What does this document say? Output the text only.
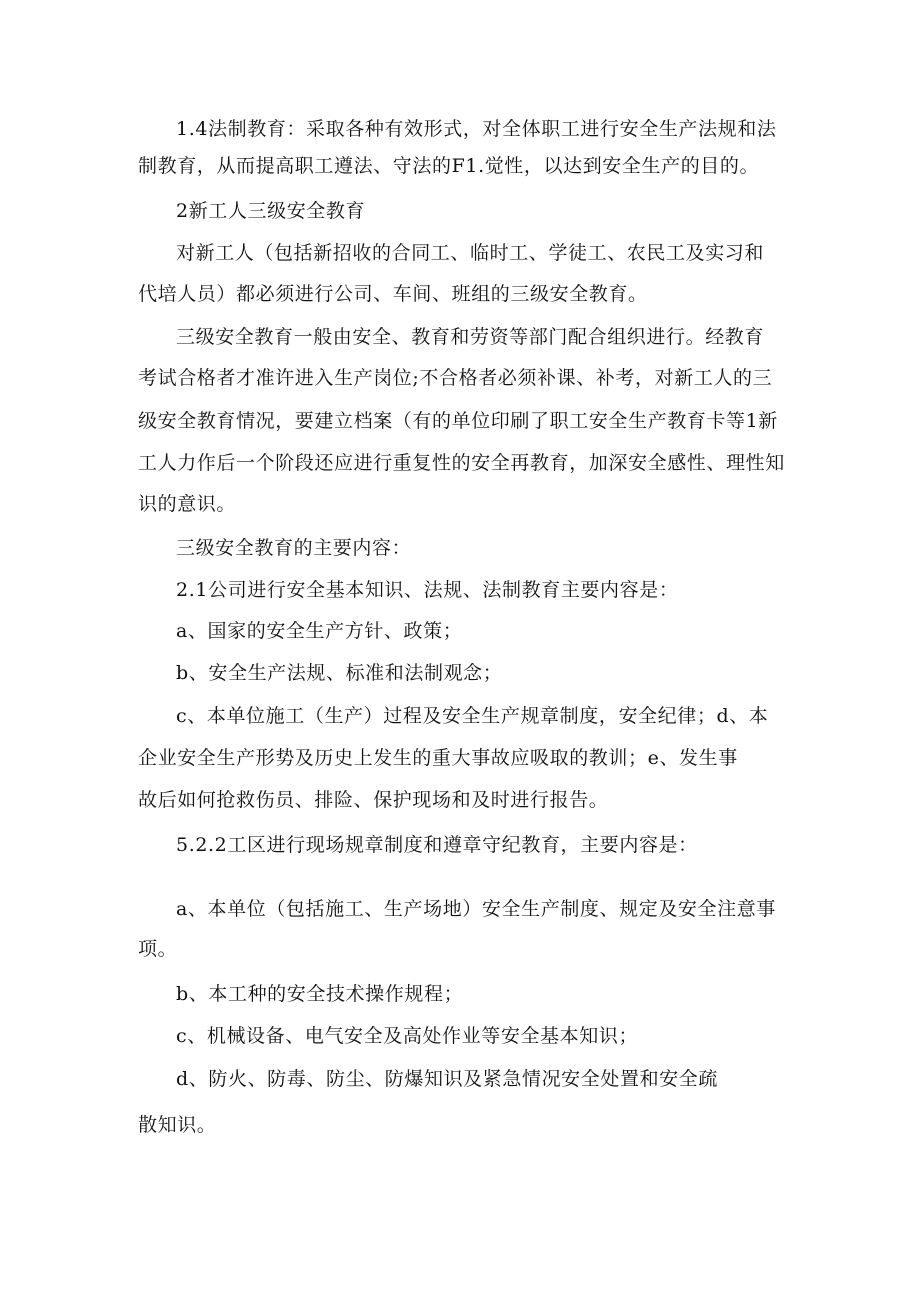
1.4法制教育：采取各种有效形式，对全体职工进行安全生产法规和法

制教育，从而提高职工遵法、守法的F1.觉性，以达到安全生产的目的。

2新工人三级安全教育

对新工人（包括新招收的合同工、临时工、学徒工、农民工及实习和

代培人员）都必须进行公司、车间、班组的三级安全教育。

三级安全教育一般由安全、教育和劳资等部门配合组织进行。经教育

考试合格者才准许进入生产岗位;不合格者必须补课、补考，对新工人的三

级安全教育情况，要建立档案（有的单位印刷了职工安全生产教育卡等1新

工人力作后一个阶段还应进行重复性的安全再教育，加深安全感性、理性知

识的意识。

三级安全教育的主要内容：

2.1公司进行安全基本知识、法规、法制教育主要内容是：

a、国家的安全生产方针、政策；

b、安全生产法规、标准和法制观念；

c、本单位施工（生产）过程及安全生产规章制度，安全纪律；d、本

企业安全生产形势及历史上发生的重大事故应吸取的教训；e、发生事

故后如何抢救伤员、排险、保护现场和及时进行报告。

5.2.2工区进行现场规章制度和遵章守纪教育，主要内容是：

a、本单位（包括施工、生产场地）安全生产制度、规定及安全注意事

项。

b、本工种的安全技术操作规程；

c、机械设备、电气安全及高处作业等安全基本知识；

d、防火、防毒、防尘、防爆知识及紧急情况安全处置和安全疏

散知识。
